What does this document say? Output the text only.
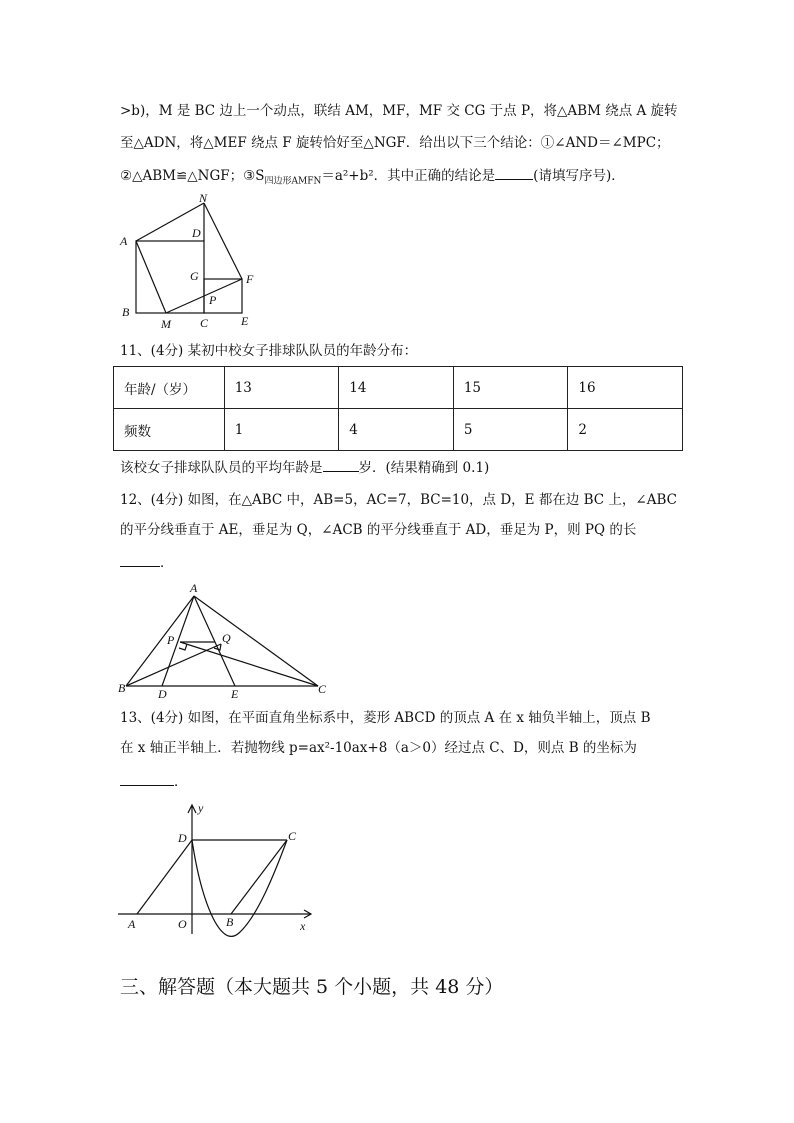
>b)，M 是 BC 边上一个动点，联结 AM，MF，MF 交 CG 于点 P，将△ABM 绕点 A 旋转
至△ADN，将△MEF 绕点 F 旋转恰好至△NGF．给出以下三个结论：①∠AND＝∠MPC；
②△ABM≌△NGF；$③S_{四边形AMFN}=a^2+b^2$．其中正确的结论是	(请填写序号)．
N
A
D
G	F
P
B
M C	E
11、(4分) 某初中校女子排球队队员的年龄分布：
年龄/（岁）	13	14	15	16
频数	1	4	5	2
该校女子排球队队员的平均年龄是	岁．(结果精确到 0.1)
12、(4分) 如图，在△ABC 中，AB=5，AC=7，BC=10，点 D，E 都在边 BC 上，∠ABC
的平分线垂直于 AE，垂足为 Q，∠ACB 的平分线垂直于 AD，垂足为 P，则 PQ 的长
．
A
P	Q
B	D	E	C
13、(4分) 如图，在平面直角坐标系中，菱形 ABCD 的顶点 A 在 x 轴负半轴上，顶点 B
在 x 轴正半轴上．若抛物线 p=ax²-10ax+8（a＞0）经过点 C、D，则点 B 的坐标为
．
y
D	C
A	O	B	x
三、解答题（本大题共 5 个小题，共 48 分）
